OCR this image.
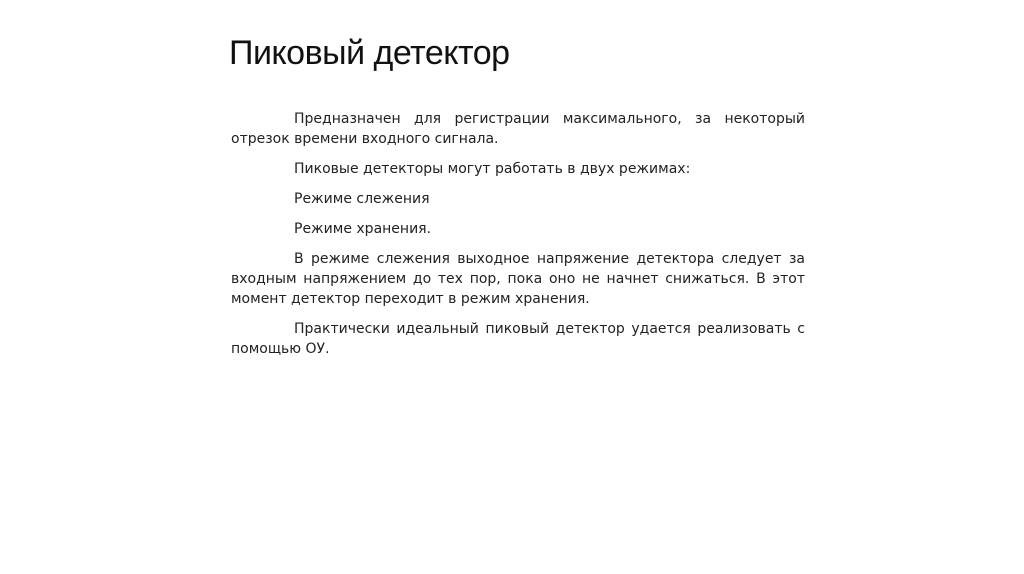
Пиковый детектор

Предназначен для регистрации максимального, за некоторый отрезок времени входного сигнала.

Пиковые детекторы могут работать в двух режимах:

Режиме слежения

Режиме хранения.

В режиме слежения выходное напряжение детектора следует за входным напряжением до тех пор, пока оно не начнет снижаться. В этот момент детектор переходит в режим хранения.

Практически идеальный пиковый детектор удается реализовать с помощью ОУ.
